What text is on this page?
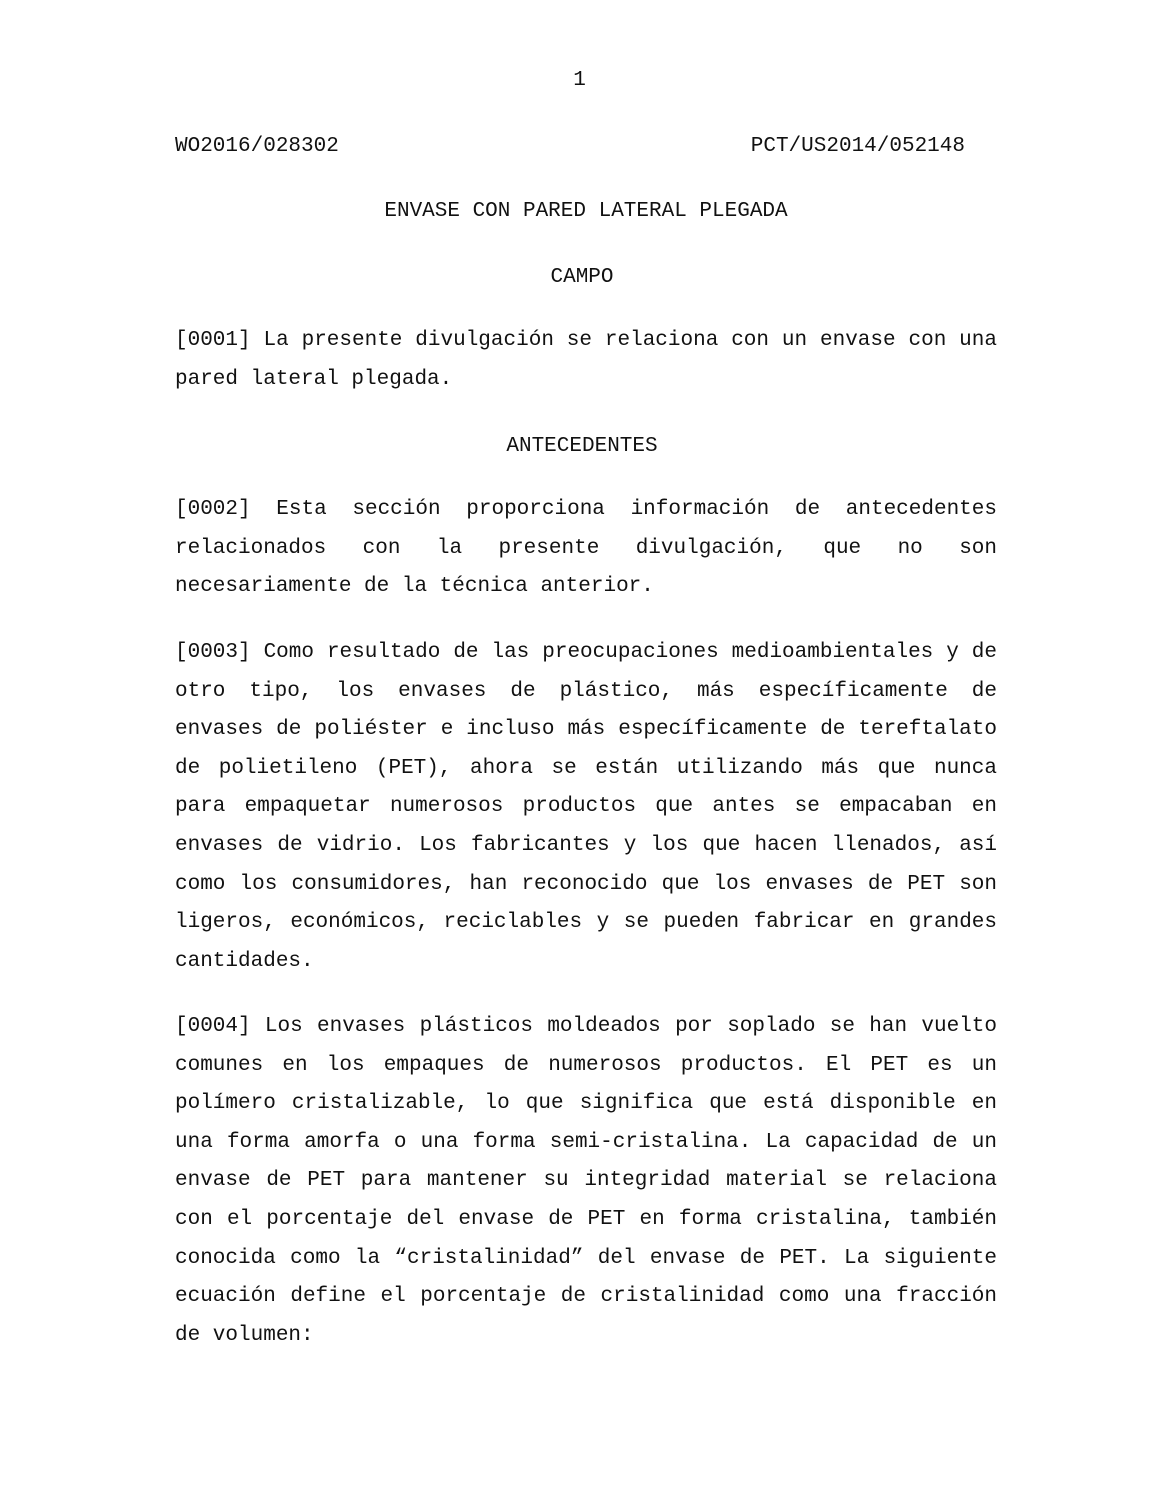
1
WO2016/028302	PCT/US2014/052148
ENVASE CON PARED LATERAL PLEGADA
CAMPO

[0001] La presente divulgación se relaciona con un envase con una pared lateral plegada.

ANTECEDENTES

[0002] Esta sección proporciona información de antecedentes relacionados con la presente divulgación, que no son necesariamente de la técnica anterior.

[0003] Como resultado de las preocupaciones medioambientales y de otro tipo, los envases de plástico, más específicamente de envases de poliéster e incluso más específicamente de tereftalato de polietileno (PET), ahora se están utilizando más que nunca para empaquetar numerosos productos que antes se empacaban en envases de vidrio. Los fabricantes y los que hacen llenados, así como los consumidores, han reconocido que los envases de PET son ligeros, económicos, reciclables y se pueden fabricar en grandes cantidades.

[0004] Los envases plásticos moldeados por soplado se han vuelto comunes en los empaques de numerosos productos. El PET es un polímero cristalizable, lo que significa que está disponible en una forma amorfa o una forma semi-cristalina. La capacidad de un envase de PET para mantener su integridad material se relaciona con el porcentaje del envase de PET en forma cristalina, también conocida como la “cristalinidad” del envase de PET. La siguiente ecuación define el porcentaje de cristalinidad como una fracción de volumen:
